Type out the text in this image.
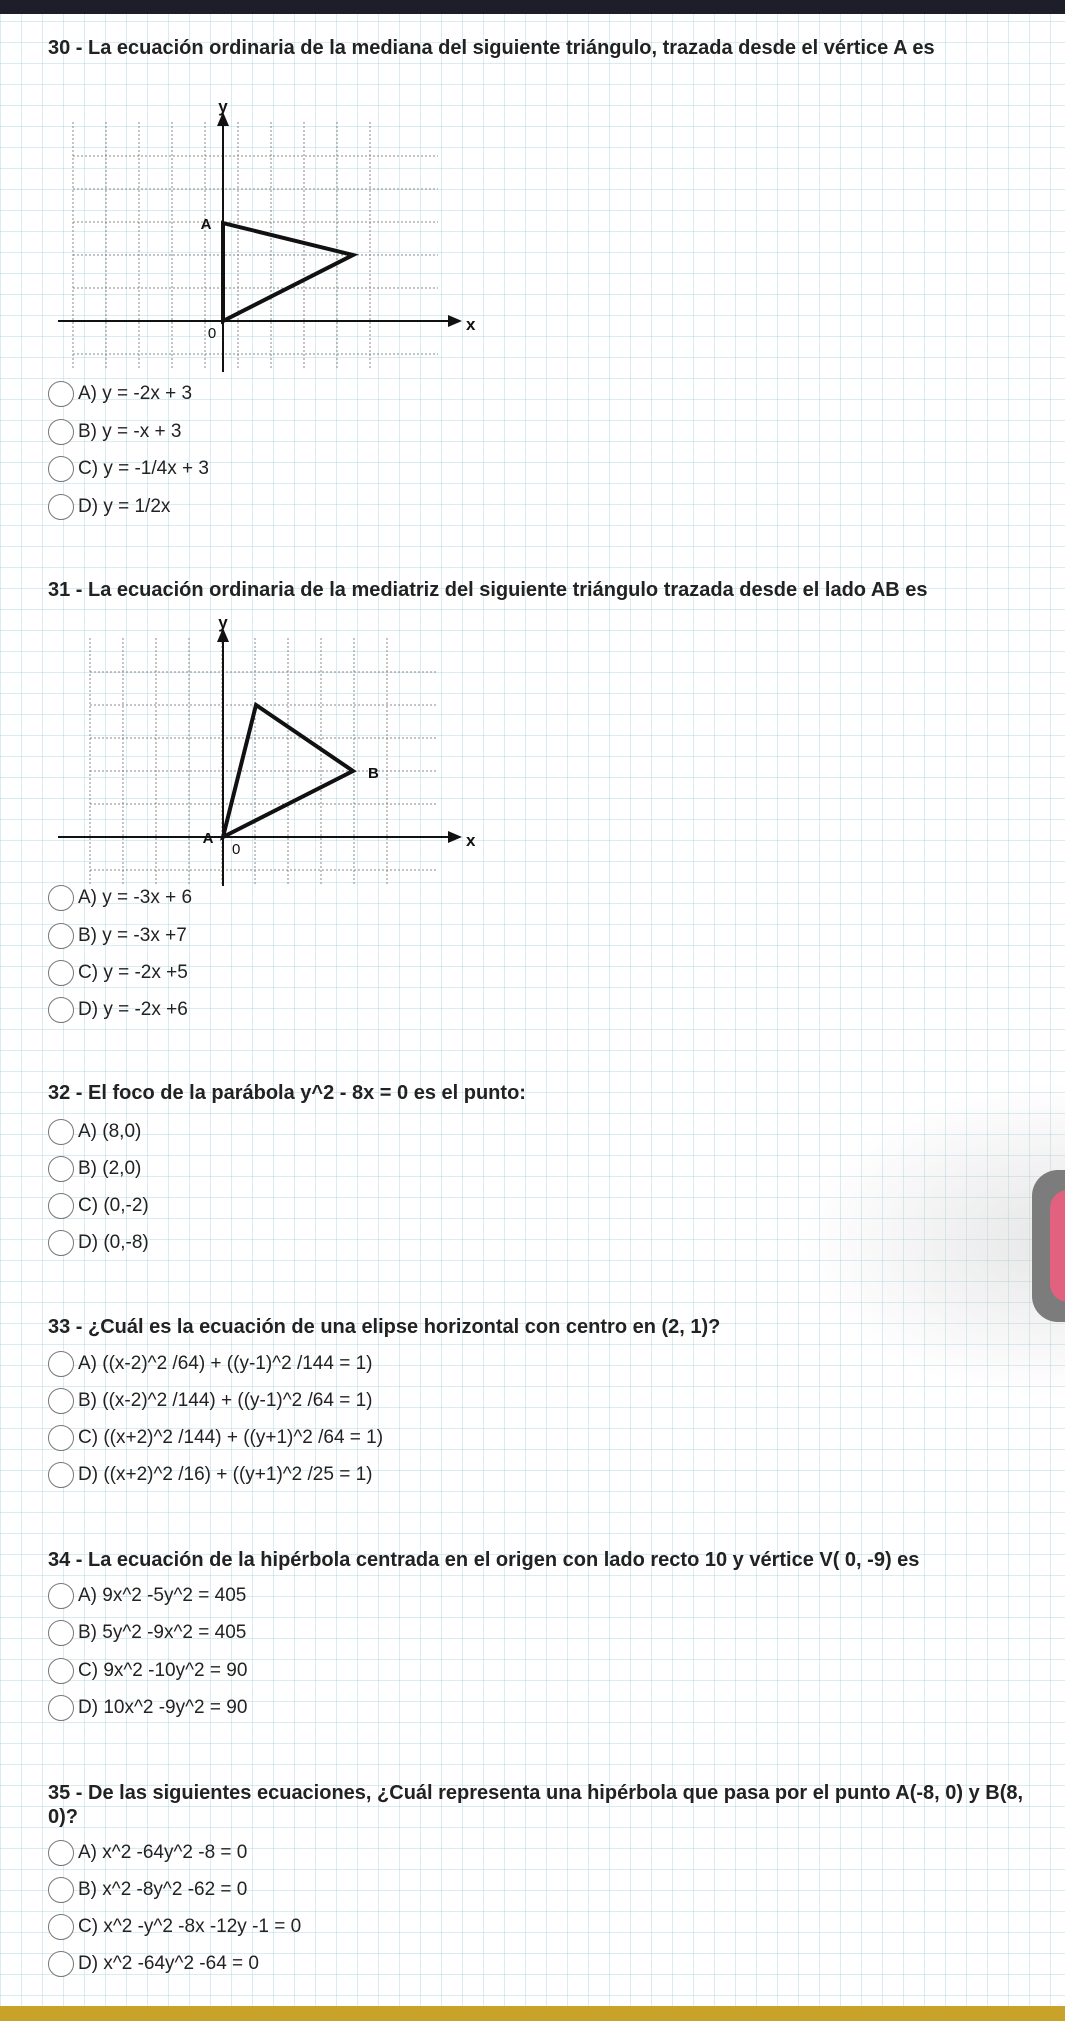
30 - La ecuación ordinaria de la mediana del siguiente triángulo, trazada desde el vértice A es

y
x
0
A
A) y = -2x + 3
B) y = -x + 3
C) y = -1/4x + 3
D) y = 1/2x

31 - La ecuación ordinaria de la mediatriz del siguiente triángulo trazada desde el lado AB es

y
x
0
A
B
A) y = -3x + 6
B) y = -3x +7
C) y = -2x +5
D) y = -2x +6

32 - El foco de la parábola y^2 - 8x = 0 es el punto:

A) (8,0)
B) (2,0)
C) (0,-2)
D) (0,-8)

33 - ¿Cuál es la ecuación de una elipse horizontal con centro en (2, 1)?

A) ((x-2)^2 /64) + ((y-1)^2 /144 = 1)
B) ((x-2)^2 /144) + ((y-1)^2 /64 = 1)
C) ((x+2)^2 /144) + ((y+1)^2 /64 = 1)
D) ((x+2)^2 /16) + ((y+1)^2 /25 = 1)

34 - La ecuación de la hipérbola centrada en el origen con lado recto 10 y vértice V( 0, -9) es

A) 9x^2 -5y^2 = 405
B) 5y^2 -9x^2 = 405
C) 9x^2 -10y^2 = 90
D) 10x^2 -9y^2 = 90

35 - De las siguientes ecuaciones, ¿Cuál representa una hipérbola que pasa por el punto A(-8, 0) y B(8, 0)?

A) x^2 -64y^2 -8 = 0
B) x^2 -8y^2 -62 = 0
C) x^2 -y^2 -8x -12y -1 = 0
D) x^2 -64y^2 -64 = 0
